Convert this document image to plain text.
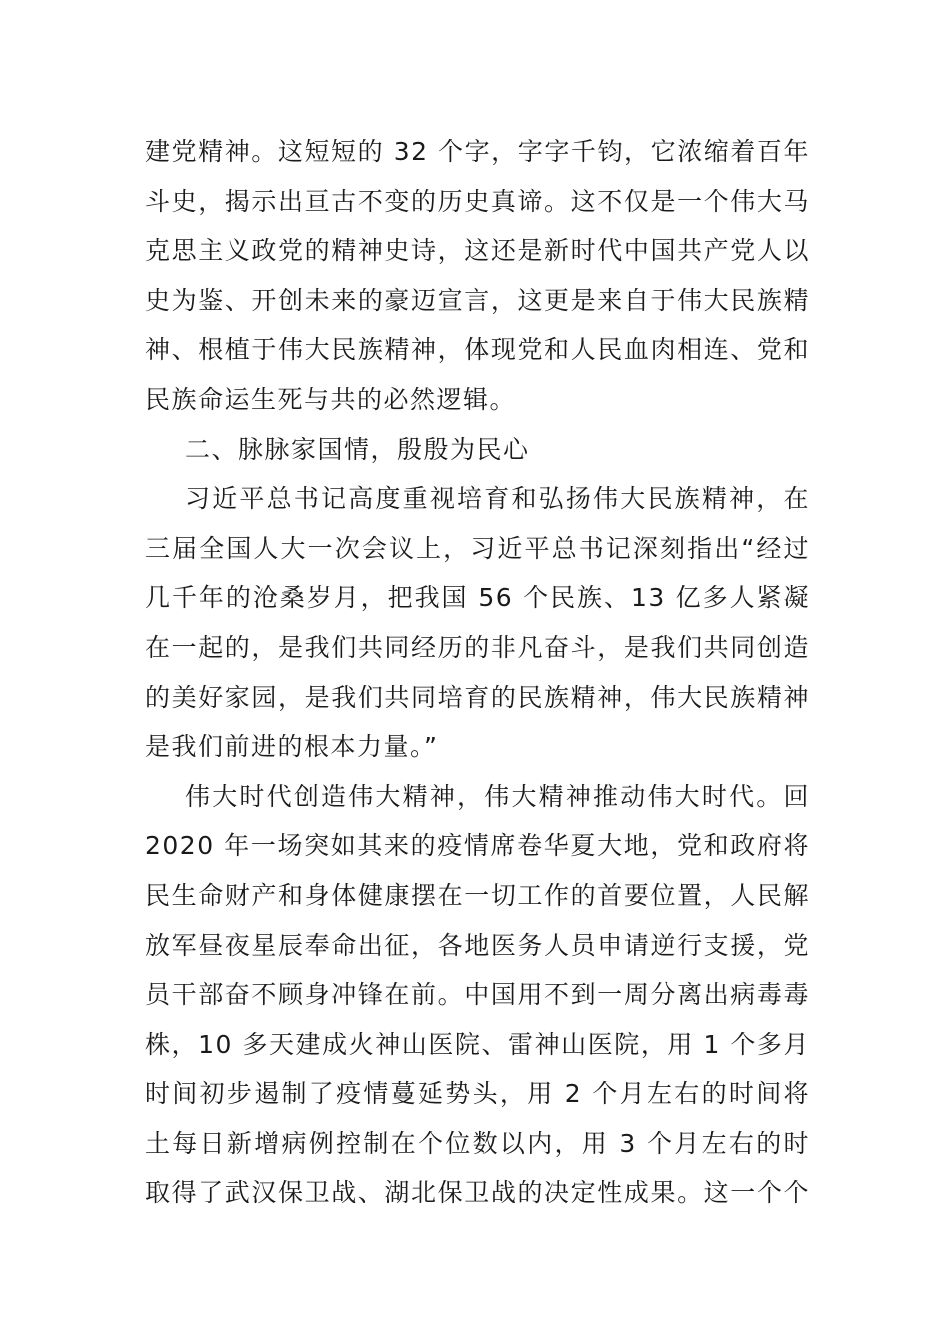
建党精神。这短短的 32 个字，字字千钧，它浓缩着百年
斗史，揭示出亘古不变的历史真谛。这不仅是一个伟大马
克思主义政党的精神史诗，这还是新时代中国共产党人以
史为鉴、开创未来的豪迈宣言，这更是来自于伟大民族精
神、根植于伟大民族精神，体现党和人民血肉相连、党和
民族命运生死与共的必然逻辑。
二、脉脉家国情，殷殷为民心
习近平总书记高度重视培育和弘扬伟大民族精神，在
三届全国人大一次会议上，习近平总书记深刻指出“经过
几千年的沧桑岁月，把我国 56 个民族、13 亿多人紧凝
在一起的，是我们共同经历的非凡奋斗，是我们共同创造
的美好家园，是我们共同培育的民族精神，伟大民族精神
是我们前进的根本力量。”
伟大时代创造伟大精神，伟大精神推动伟大时代。回
2020 年一场突如其来的疫情席卷华夏大地，党和政府将
民生命财产和身体健康摆在一切工作的首要位置，人民解
放军昼夜星辰奉命出征，各地医务人员申请逆行支援，党
员干部奋不顾身冲锋在前。中国用不到一周分离出病毒毒
株，10 多天建成火神山医院、雷神山医院，用 1 个多月
时间初步遏制了疫情蔓延势头，用 2 个月左右的时间将
土每日新增病例控制在个位数以内，用 3 个月左右的时
取得了武汉保卫战、湖北保卫战的决定性成果。这一个个
